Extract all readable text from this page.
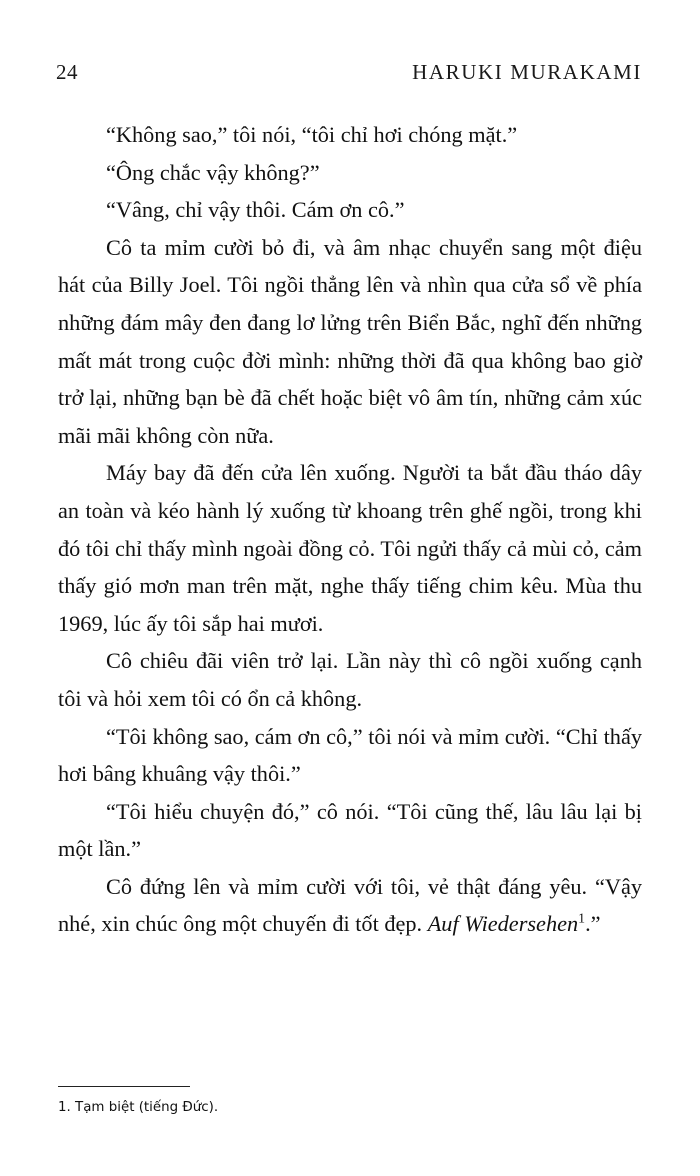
24	HARUKI MURAKAMI

“Không sao,” tôi nói, “tôi chỉ hơi chóng mặt.”

“Ông chắc vậy không?”

“Vâng, chỉ vậy thôi. Cám ơn cô.”

Cô ta mỉm cười bỏ đi, và âm nhạc chuyển sang một điệu hát của Billy Joel. Tôi ngồi thẳng lên và nhìn qua cửa sổ về phía những đám mây đen đang lơ lửng trên Biển Bắc, nghĩ đến những mất mát trong cuộc đời mình: những thời đã qua không bao giờ trở lại, những bạn bè đã chết hoặc biệt vô âm tín, những cảm xúc mãi mãi không còn nữa.

Máy bay đã đến cửa lên xuống. Người ta bắt đầu tháo dây an toàn và kéo hành lý xuống từ khoang trên ghế ngồi, trong khi đó tôi chỉ thấy mình ngoài đồng cỏ. Tôi ngửi thấy cả mùi cỏ, cảm thấy gió mơn man trên mặt, nghe thấy tiếng chim kêu. Mùa thu 1969, lúc ấy tôi sắp hai mươi.

Cô chiêu đãi viên trở lại. Lần này thì cô ngồi xuống cạnh tôi và hỏi xem tôi có ổn cả không.

“Tôi không sao, cám ơn cô,” tôi nói và mỉm cười. “Chỉ thấy hơi bâng khuâng vậy thôi.”

“Tôi hiểu chuyện đó,” cô nói. “Tôi cũng thế, lâu lâu lại bị một lần.”

Cô đứng lên và mỉm cười với tôi, vẻ thật đáng yêu. “Vậy nhé, xin chúc ông một chuyến đi tốt đẹp. Auf Wiedersehen$^1$.”

1. Tạm biệt (tiếng Đức).
